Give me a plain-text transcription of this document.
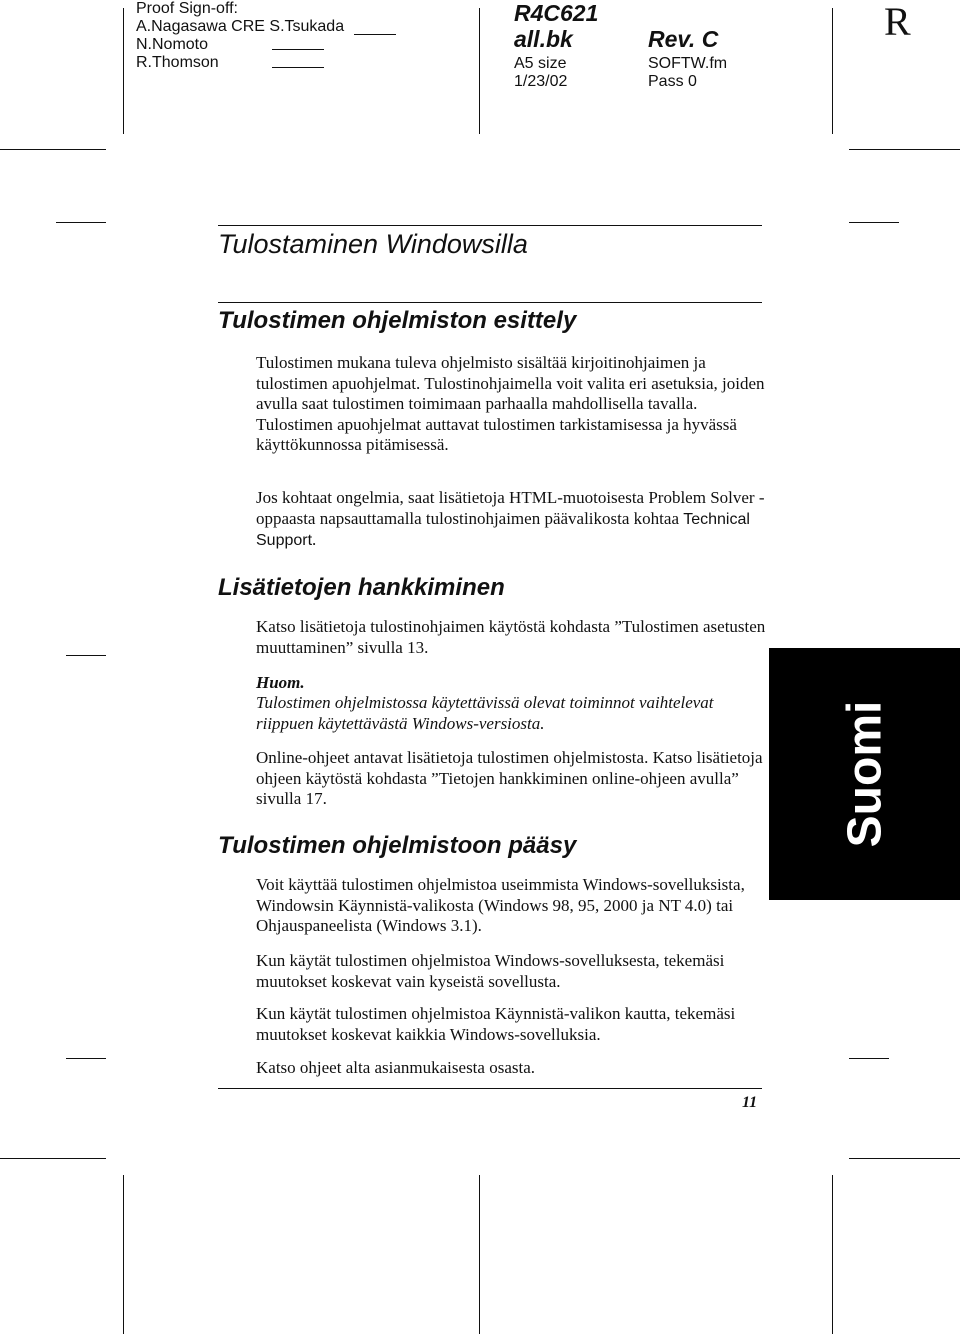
Proof Sign-off:
A.Nagasawa CRE S.Tsukada
N.Nomoto
R.Thomson
R4C621
all.bk	Rev. C
A5 size
1/23/02
SOFTW.fm
Pass 0
R
Tulostaminen Windowsilla
Tulostimen ohjelmiston esittely
Tulostimen mukana tuleva ohjelmisto sisältää kirjoitinohjaimen ja tulostimen apuohjelmat. Tulostinohjaimella voit valita eri asetuksia, joiden avulla saat tulostimen toimimaan parhaalla mahdollisella tavalla. Tulostimen apuohjelmat auttavat tulostimen tarkistamisessa ja hyvässä käyttökunnossa pitämisessä.
Jos kohtaat ongelmia, saat lisätietoja HTML-muotoisesta Problem Solver -oppaasta napsauttamalla tulostinohjaimen päävalikosta kohtaa Technical Support.
Lisätietojen hankkiminen
Katso lisätietoja tulostinohjaimen käytöstä kohdasta ”Tulostimen asetusten muuttaminen” sivulla 13.
Huom.
Tulostimen ohjelmistossa käytettävissä olevat toiminnot vaihtelevat riippuen käytettävästä Windows-versiosta.
Online-ohjeet antavat lisätietoja tulostimen ohjelmistosta. Katso lisätietoja ohjeen käytöstä kohdasta ”Tietojen hankkiminen online-ohjeen avulla” sivulla 17.
Tulostimen ohjelmistoon pääsy
Voit käyttää tulostimen ohjelmistoa useimmista Windows-sovelluksista, Windowsin Käynnistä-valikosta (Windows 98, 95, 2000 ja NT 4.0) tai Ohjauspaneelista (Windows 3.1).
Kun käytät tulostimen ohjelmistoa Windows-sovelluksesta, tekemäsi muutokset koskevat vain kyseistä sovellusta.
Kun käytät tulostimen ohjelmistoa Käynnistä-valikon kautta, tekemäsi muutokset koskevat kaikkia Windows-sovelluksia.
Katso ohjeet alta asianmukaisesta osasta.
Suomi
11
